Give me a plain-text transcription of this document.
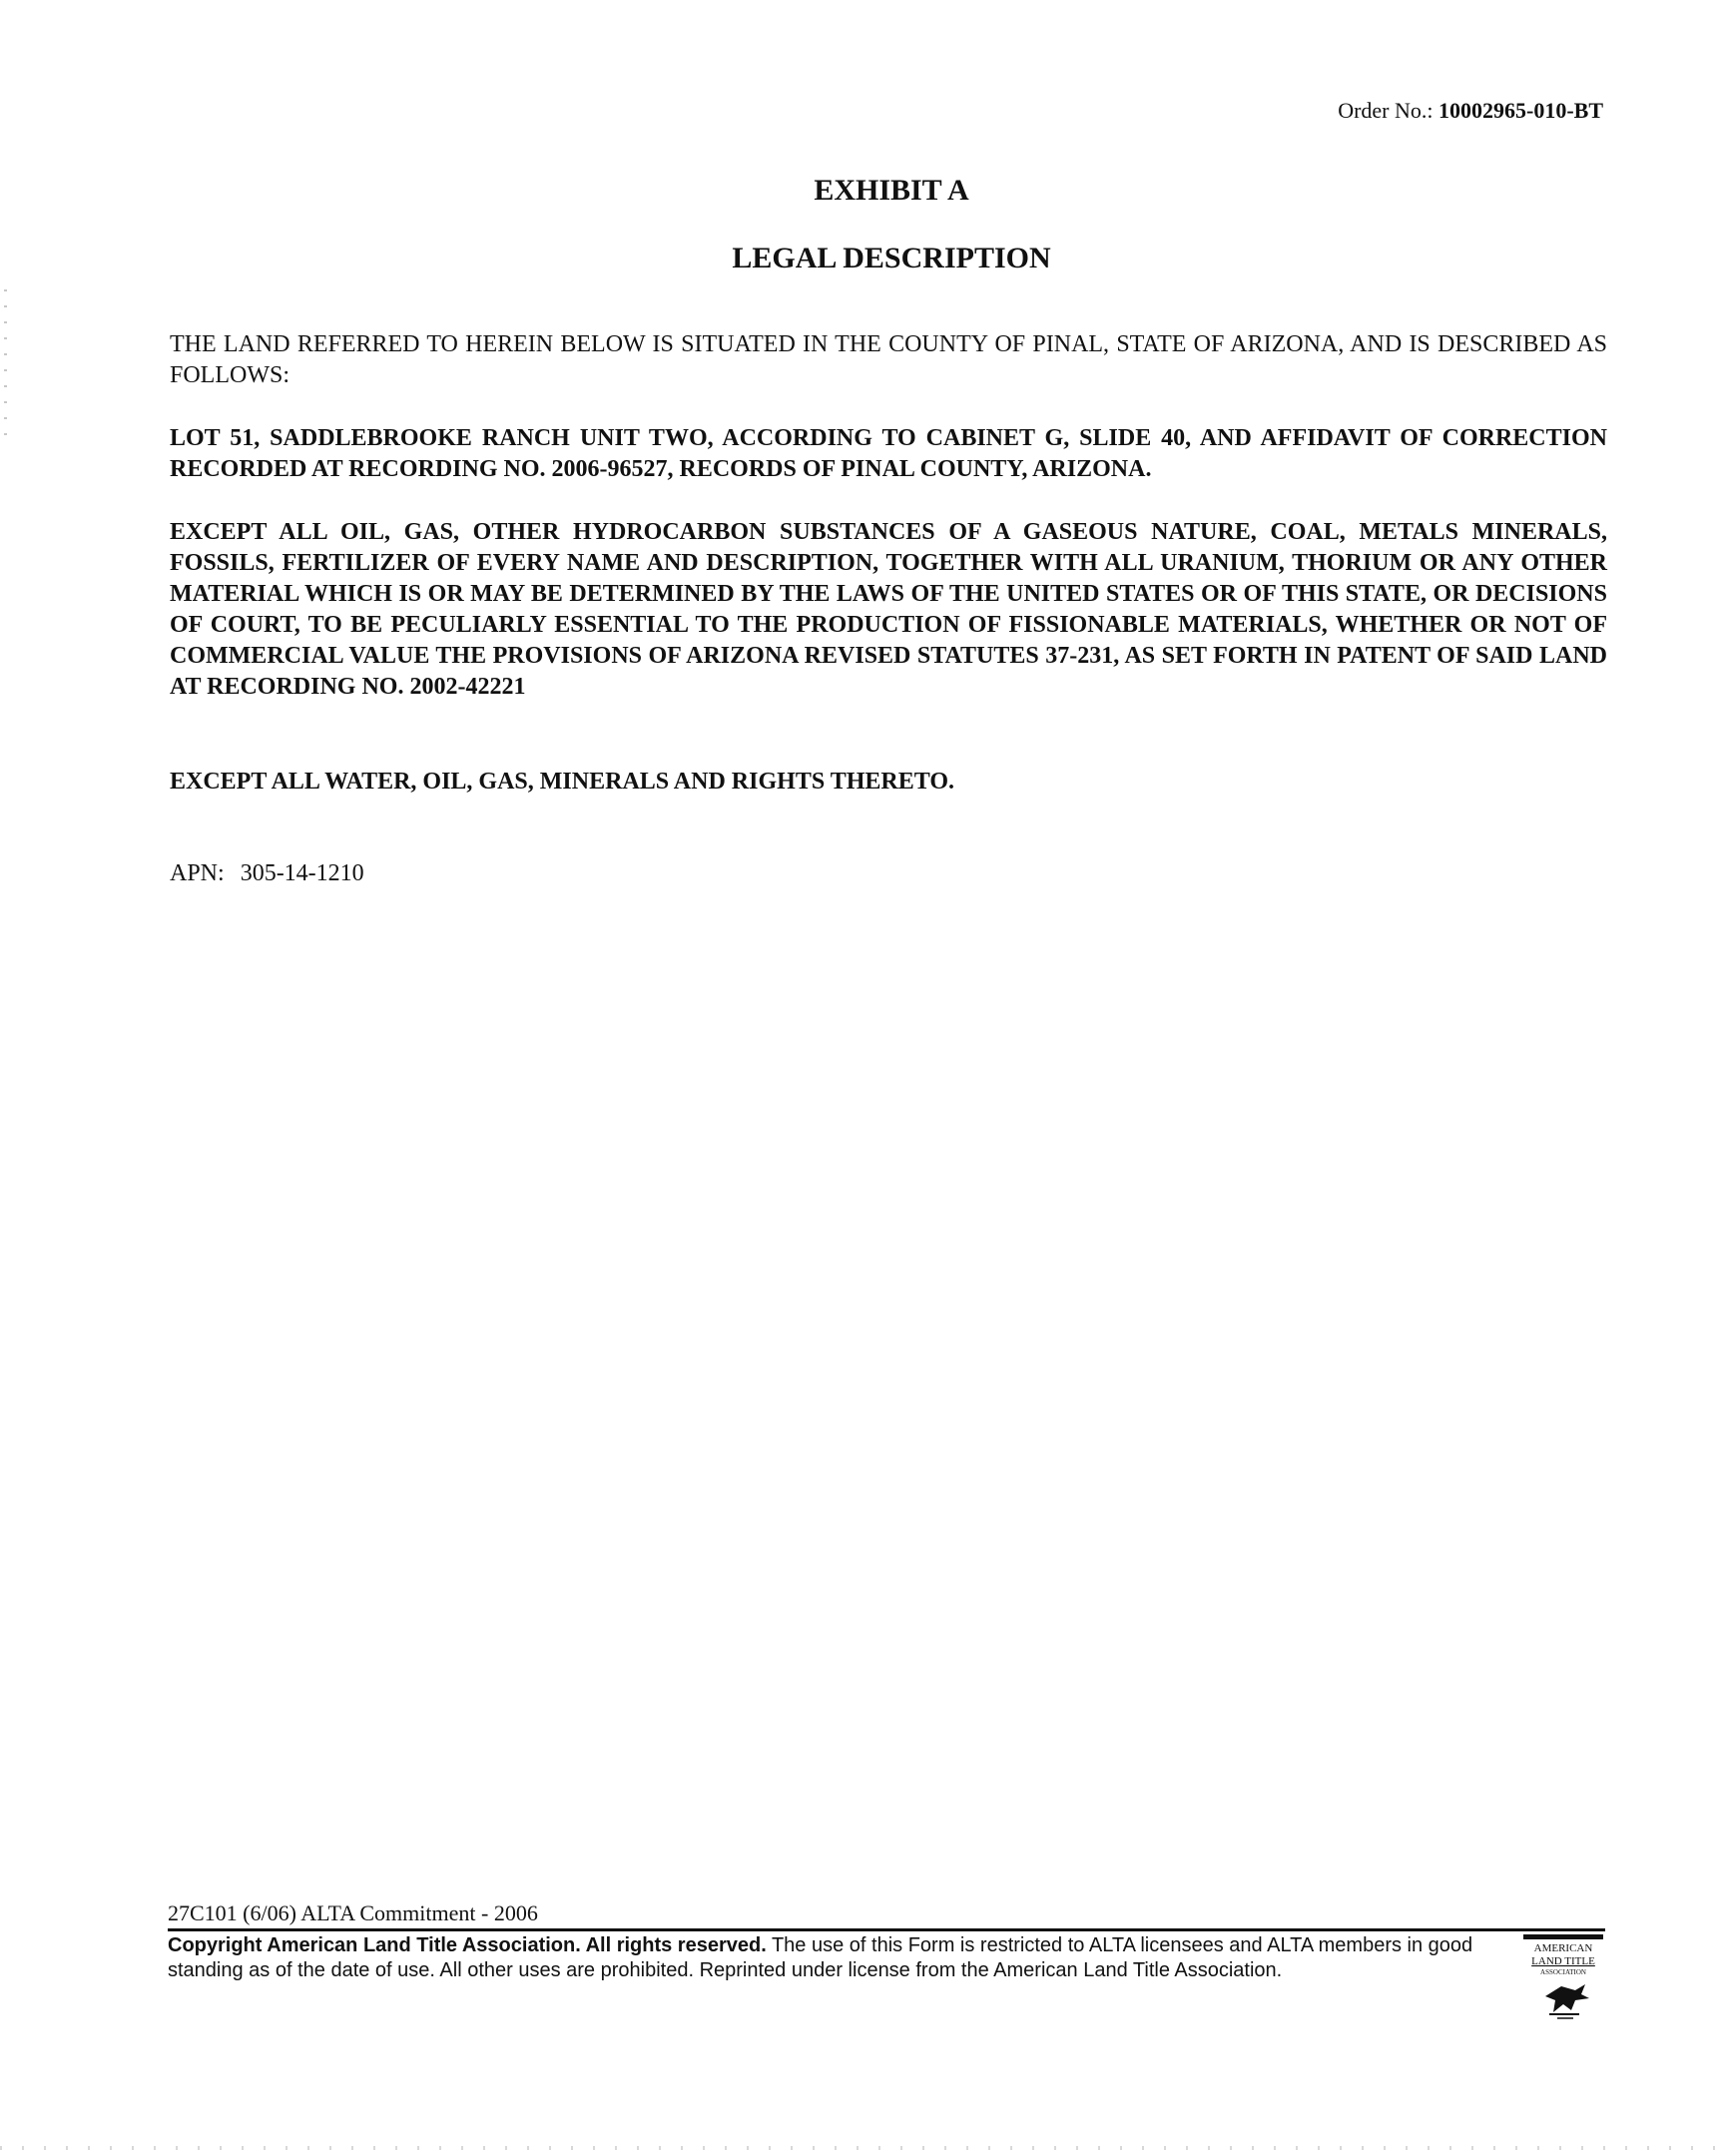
Order No.: 10002965-010-BT
EXHIBIT A
LEGAL DESCRIPTION

THE LAND REFERRED TO HEREIN BELOW IS SITUATED IN THE COUNTY OF PINAL, STATE OF ARIZONA, AND IS DESCRIBED AS FOLLOWS:

LOT 51, SADDLEBROOKE RANCH UNIT TWO, ACCORDING TO CABINET G, SLIDE 40, AND AFFIDAVIT OF CORRECTION RECORDED AT RECORDING NO. 2006-96527, RECORDS OF PINAL COUNTY, ARIZONA.

EXCEPT ALL OIL, GAS, OTHER HYDROCARBON SUBSTANCES OF A GASEOUS NATURE, COAL, METALS MINERALS, FOSSILS, FERTILIZER OF EVERY NAME AND DESCRIPTION, TOGETHER WITH ALL URANIUM, THORIUM OR ANY OTHER MATERIAL WHICH IS OR MAY BE DETERMINED BY THE LAWS OF THE UNITED STATES OR OF THIS STATE, OR DECISIONS OF COURT, TO BE PECULIARLY ESSENTIAL TO THE PRODUCTION OF FISSIONABLE MATERIALS, WHETHER OR NOT OF COMMERCIAL VALUE THE PROVISIONS OF ARIZONA REVISED STATUTES 37-231, AS SET FORTH IN PATENT OF SAID LAND AT RECORDING NO. 2002-42221

EXCEPT ALL WATER, OIL, GAS, MINERALS AND RIGHTS THERETO.

APN: 305-14-1210
27C101 (6/06) ALTA Commitment - 2006

Copyright American Land Title Association. All rights reserved. The use of this Form is restricted to ALTA licensees and ALTA members in good standing as of the date of use. All other uses are prohibited. Reprinted under license from the American Land Title Association.

AMERICAN
LAND TITLE
ASSOCIATION
